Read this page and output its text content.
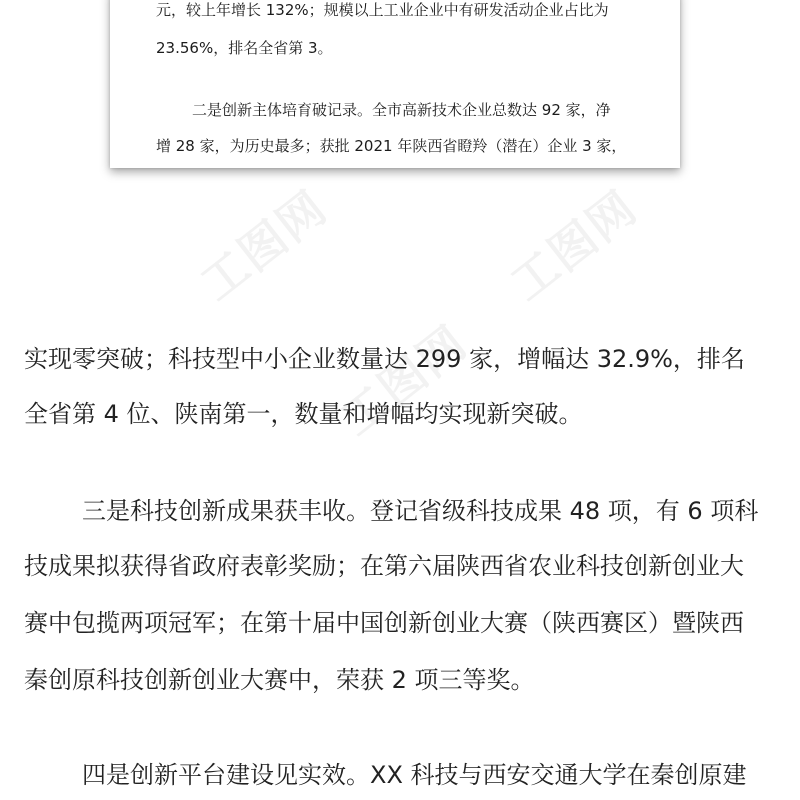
元，较上年增长 132%；规模以上工业企业中有研发活动企业占比为

23.56%，排名全省第 3。

二是创新主体培育破记录。全市高新技术企业总数达 92 家，净

增 28 家，为历史最多；获批 2021 年陕西省瞪羚（潜在）企业 3 家，

工图网	工图网
工图网

实现零突破；科技型中小企业数量达 299 家，增幅达 32.9%，排名

全省第 4 位、陕南第一，数量和增幅均实现新突破。

三是科技创新成果获丰收。登记省级科技成果 48 项，有 6 项科

技成果拟获得省政府表彰奖励；在第六届陕西省农业科技创新创业大

赛中包揽两项冠军；在第十届中国创新创业大赛（陕西赛区）暨陕西

秦创原科技创新创业大赛中，荣获 2 项三等奖。

四是创新平台建设见实效。XX 科技与西安交通大学在秦创原建
